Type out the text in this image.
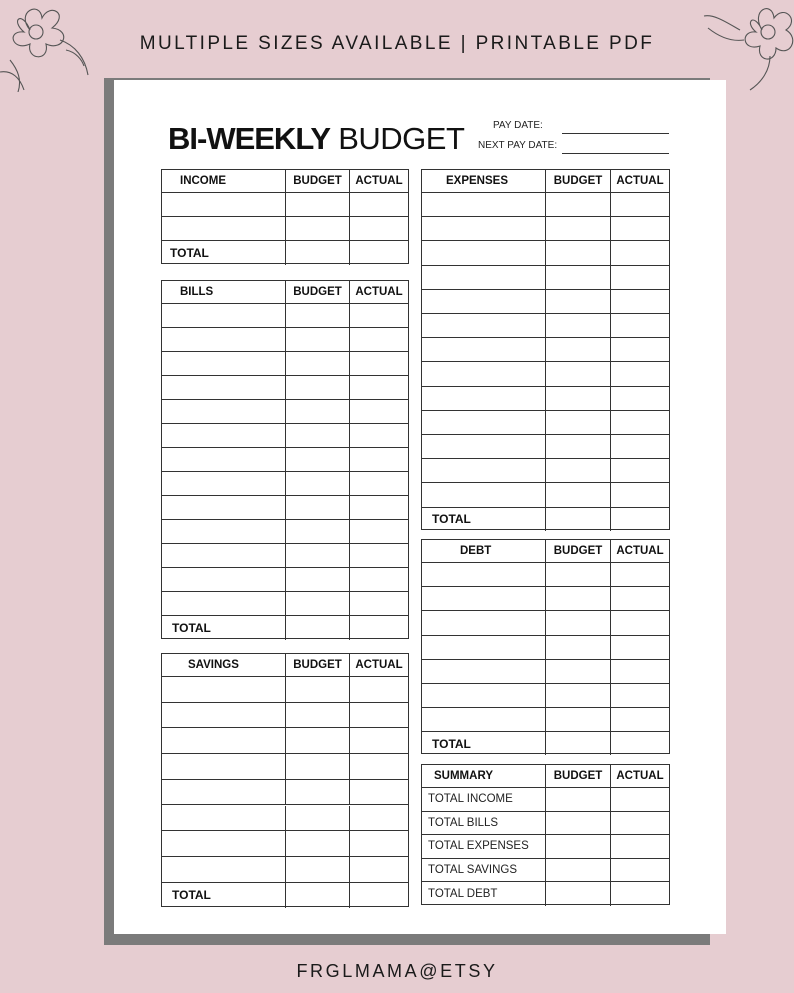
MULTIPLE SIZES AVAILABLE | PRINTABLE PDF
BI-WEEKLY BUDGET	PAY DATE:
NEXT PAY DATE:
INCOME	BUDGET	ACTUAL
TOTAL
BILLS	BUDGET	ACTUAL
TOTAL
SAVINGS	BUDGET	ACTUAL
TOTAL
EXPENSES	BUDGET	ACTUAL
TOTAL
DEBT	BUDGET	ACTUAL
TOTAL
SUMMARY	BUDGET	ACTUAL
TOTAL INCOME
TOTAL BILLS
TOTAL EXPENSES
TOTAL SAVINGS
TOTAL DEBT
FRGLMAMA@ETSY
